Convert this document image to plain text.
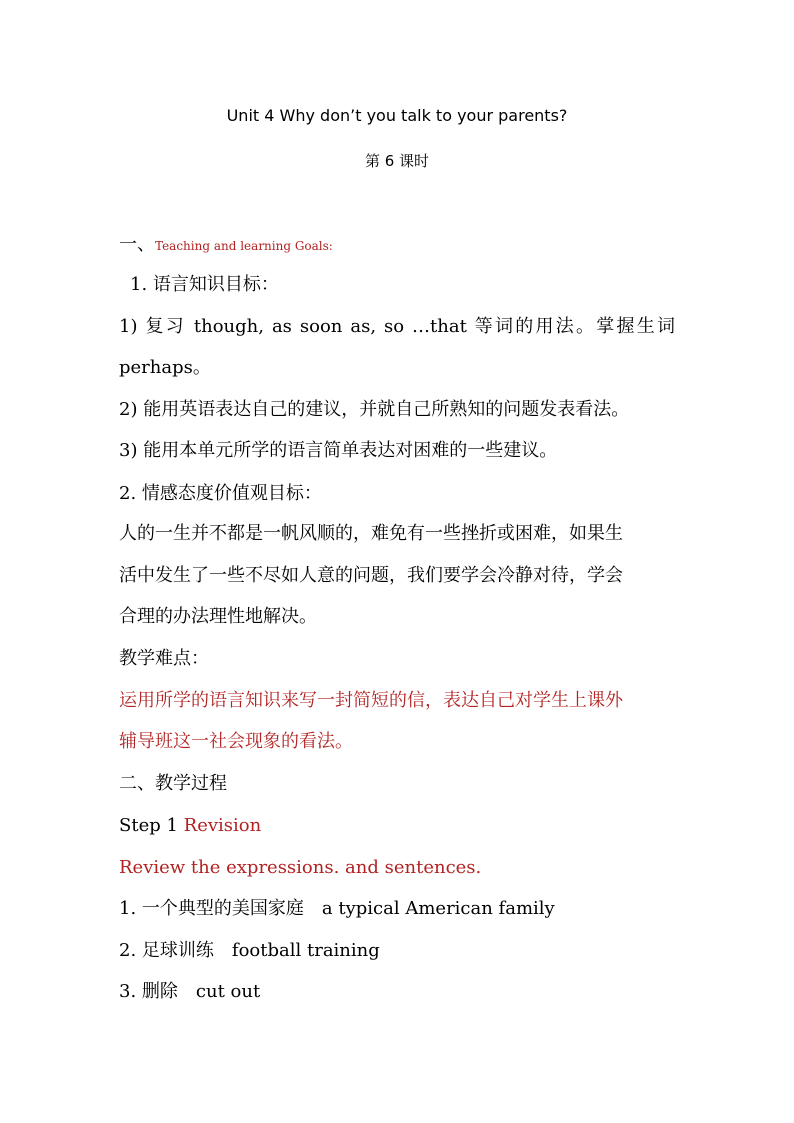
Unit 4 Why don’t you talk to your parents?
第 6 课时
一、Teaching and learning Goals:
1. 语言知识目标：
1) 复习 though, as soon as, so …that 等词的用法。掌握生词
perhaps。
2) 能用英语表达自己的建议，并就自己所熟知的问题发表看法。
3) 能用本单元所学的语言简单表达对困难的一些建议。
2. 情感态度价值观目标：
人的一生并不都是一帆风顺的，难免有一些挫折或困难，如果生
活中发生了一些不尽如人意的问题，我们要学会冷静对待，学会
合理的办法理性地解决。
教学难点：
运用所学的语言知识来写一封简短的信，表达自己对学生上课外
辅导班这一社会现象的看法。
二、教学过程
Step 1 Revision
Review the expressions. and sentences.
1. 一个典型的美国家庭 a typical American family
2. 足球训练 football training
3. 删除 cut out
